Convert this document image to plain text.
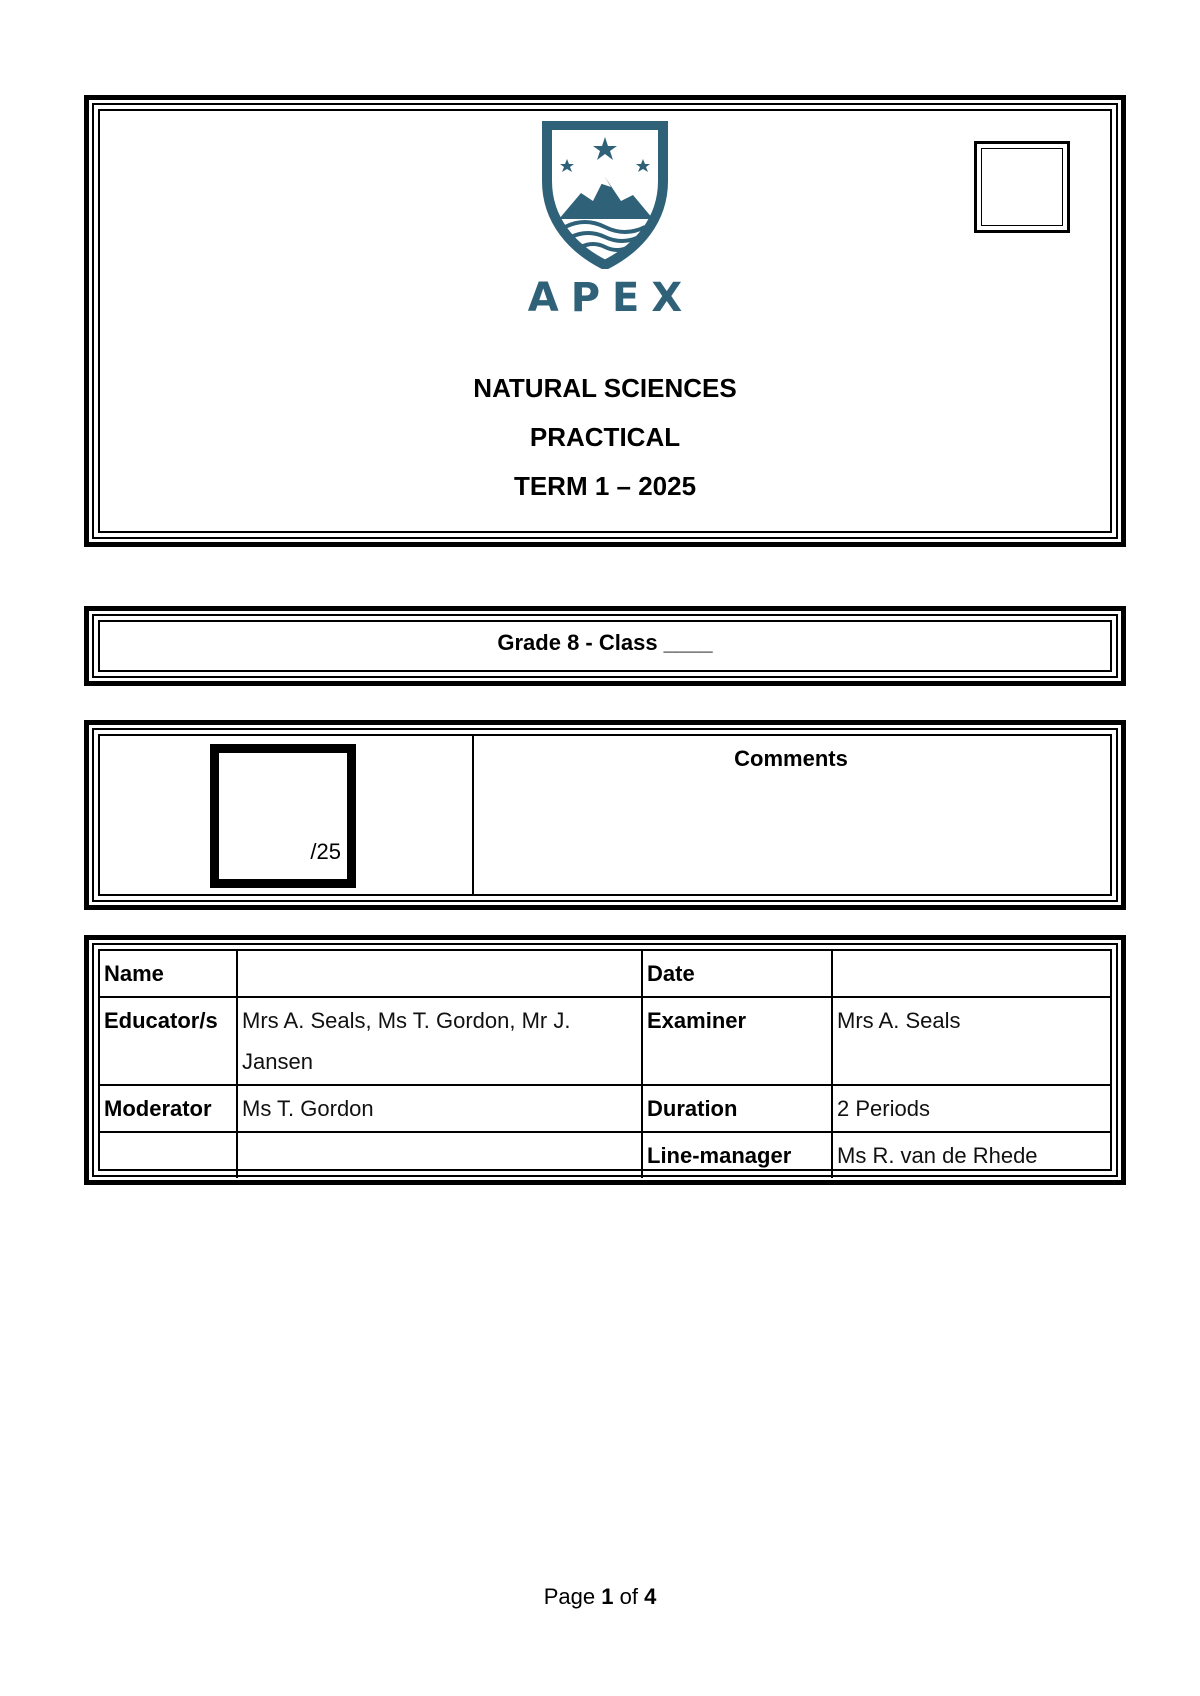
APEX
NATURAL SCIENCES
PRACTICAL
TERM 1 – 2025
Grade 8 - Class ____
/25
Comments
Name		Date	
Educator/s	Mrs A. Seals, Ms T. Gordon, Mr J. Jansen	Examiner	Mrs A. Seals
Moderator	Ms T. Gordon	Duration	2 Periods
		Line-manager	Ms R. van de Rhede
Page 1 of 4
